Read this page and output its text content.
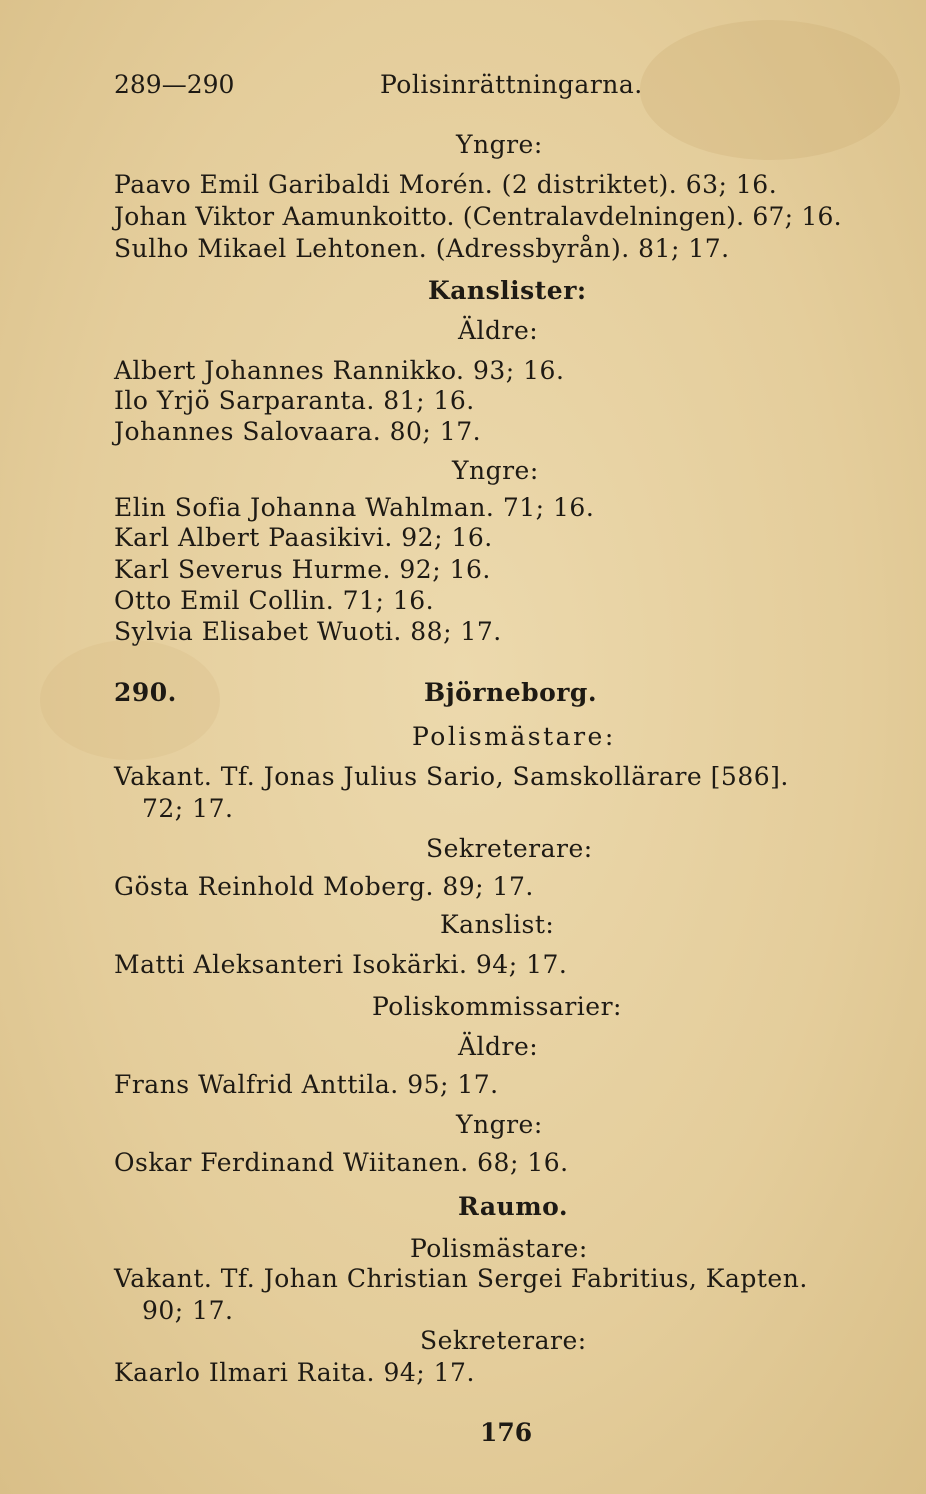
289—290	Polisinrättningarna.
Yngre:
Paavo Emil Garibaldi Morén. (2 distriktet). 63; 16.
Johan Viktor Aamunkoitto. (Centralavdelningen). 67; 16.
Sulho Mikael Lehtonen. (Adressbyrån). 81; 17.
Kanslister:
Äldre:
Albert Johannes Rannikko. 93; 16.
Ilo Yrjö Sarparanta. 81; 16.
Johannes Salovaara. 80; 17.
Yngre:
Elin Sofia Johanna Wahlman. 71; 16.
Karl Albert Paasikivi. 92; 16.
Karl Severus Hurme. 92; 16.
Otto Emil Collin. 71; 16.
Sylvia Elisabet Wuoti. 88; 17.
290.	Björneborg.
Polismästare:
Vakant. Tf. Jonas Julius Sario, Samskollärare [586].
72; 17.
Sekreterare:
Gösta Reinhold Moberg. 89; 17.
Kanslist:
Matti Aleksanteri Isokärki. 94; 17.
Poliskommissarier:
Äldre:
Frans Walfrid Anttila. 95; 17.
Yngre:
Oskar Ferdinand Wiitanen. 68; 16.
Raumo.
Polismästare:
Vakant. Tf. Johan Christian Sergei Fabritius, Kapten.
90; 17.
Sekreterare:
Kaarlo Ilmari Raita. 94; 17.
176
